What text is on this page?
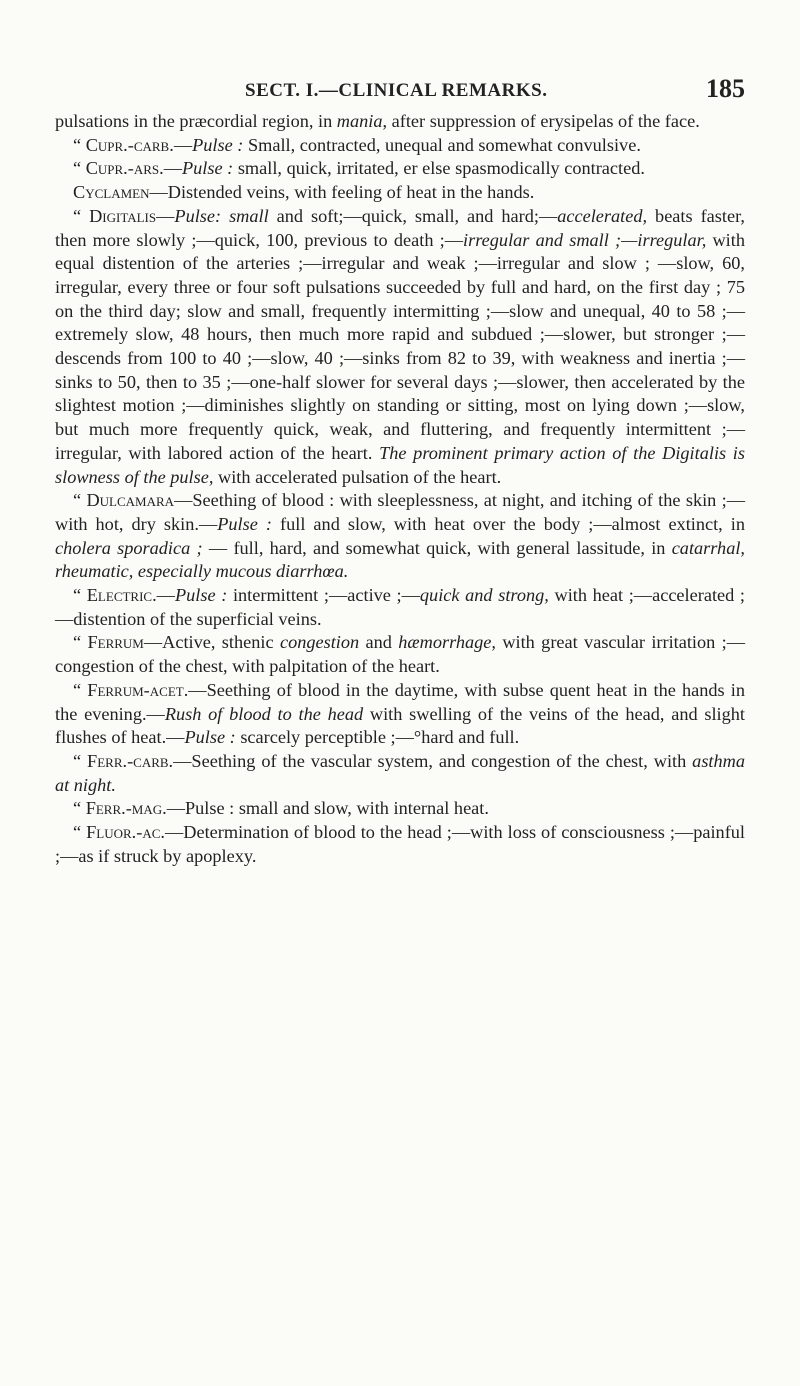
SECT. I.—CLINICAL REMARKS.	185

pulsations in the præcordial region, in mania, after suppression of erysipelas of the face.

“ Cupr.-carb.—Pulse : Small, contracted, unequal and somewhat convulsive.

“ Cupr.-ars.—Pulse : small, quick, irritated, er else spasmodically contracted.

Cyclamen—Distended veins, with feeling of heat in the hands.

“ Digitalis—Pulse: small and soft;—quick, small, and hard;—accelerated, beats faster, then more slowly ;—quick, 100, previous to death ;—irregular and small ;—irregular, with equal distention of the arteries ;—irregular and weak ;—irregular and slow ; —slow, 60, irregular, every three or four soft pulsations succeeded by full and hard, on the first day ; 75 on the third day; slow and small, frequently intermitting ;—slow and unequal, 40 to 58 ;—extremely slow, 48 hours, then much more rapid and subdued ;—slower, but stronger ;—descends from 100 to 40 ;—slow, 40 ;—sinks from 82 to 39, with weakness and inertia ;—sinks to 50, then to 35 ;—one-half slower for several days ;—slower, then accelerated by the slightest motion ;—diminishes slightly on standing or sitting, most on lying down ;—slow, but much more frequently quick, weak, and fluttering, and frequently intermittent ;—irregular, with labored action of the heart. The prominent primary action of the Digitalis is slowness of the pulse, with accelerated pulsation of the heart.

“ Dulcamara—Seething of blood : with sleeplessness, at night, and itching of the skin ;—with hot, dry skin.—Pulse : full and slow, with heat over the body ;—almost extinct, in cholera sporadica ; — full, hard, and somewhat quick, with general lassitude, in catarrhal, rheumatic, especially mucous diarrhœa.

“ Electric.—Pulse : intermittent ;—active ;—quick and strong, with heat ;—accelerated ;—distention of the superficial veins.

“ Ferrum—Active, sthenic congestion and hæmorrhage, with great vascular irritation ;—congestion of the chest, with palpitation of the heart.

“ Ferrum-acet.—Seething of blood in the daytime, with subse quent heat in the hands in the evening.—Rush of blood to the head with swelling of the veins of the head, and slight flushes of heat.—Pulse : scarcely perceptible ;—°hard and full.

“ Ferr.-carb.—Seething of the vascular system, and congestion of the chest, with asthma at night.

“ Ferr.-mag.—Pulse : small and slow, with internal heat.

“ Fluor.-ac.—Determination of blood to the head ;—with loss of consciousness ;—painful ;—as if struck by apoplexy.
